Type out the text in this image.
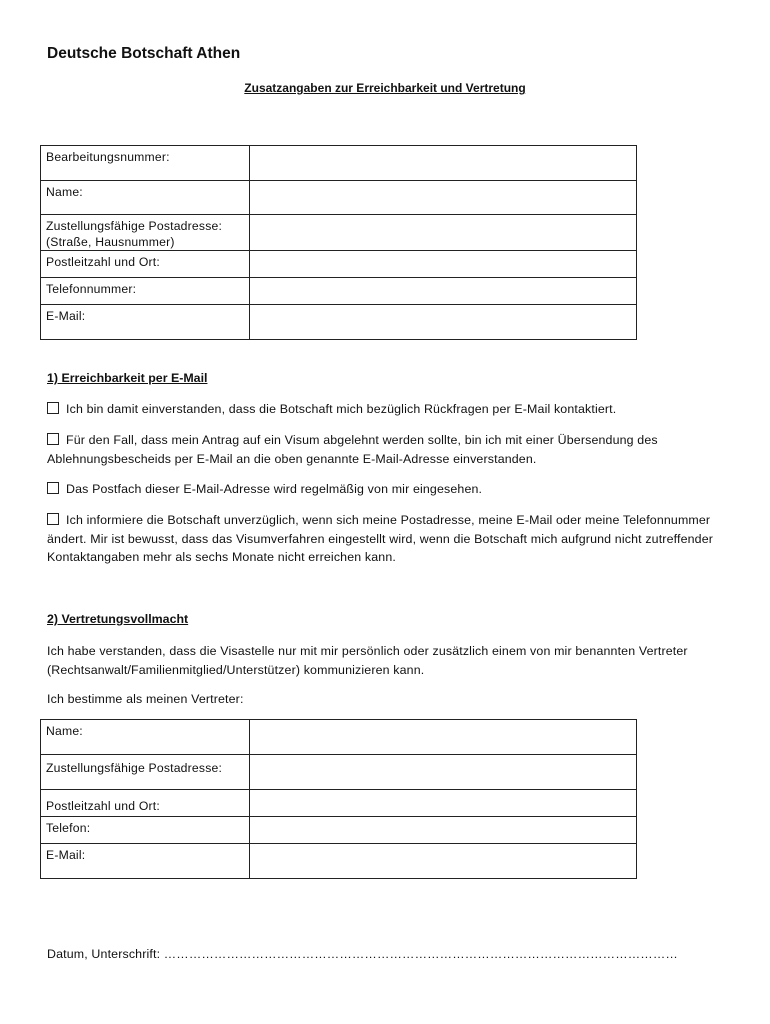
Deutsche Botschaft Athen
Zusatzangaben zur Erreichbarkeit und Vertretung
Bearbeitungsnummer:	
Name:	

Zustellungsfähige Postadresse:
(Straße, Hausnummer)	

Postleitzahl und Ort:	
Telefonnummer:	
E-Mail:	
1) Erreichbarkeit per E-Mail
Ich bin damit einverstanden, dass die Botschaft mich bezüglich Rückfragen per E-Mail kontaktiert.
Für den Fall, dass mein Antrag auf ein Visum abgelehnt werden sollte, bin ich mit einer Übersendung des Ablehnungsbescheids per E-Mail an die oben genannte E-Mail-Adresse einverstanden.
Das Postfach dieser E-Mail-Adresse wird regelmäßig von mir eingesehen.
Ich informiere die Botschaft unverzüglich, wenn sich meine Postadresse, meine E-Mail oder meine Telefonnummer ändert. Mir ist bewusst, dass das Visumverfahren eingestellt wird, wenn die Botschaft mich aufgrund nicht zutreffender Kontaktangaben mehr als sechs Monate nicht erreichen kann.
2) Vertretungsvollmacht
Ich habe verstanden, dass die Visastelle nur mit mir persönlich oder zusätzlich einem von mir benannten Vertreter (Rechtsanwalt/Familienmitglied/Unterstützer) kommunizieren kann.
Ich bestimme als meinen Vertreter:
Name:	
Zustellungsfähige Postadresse:	
Postleitzahl und Ort:	
Telefon:	
E-Mail:	
Datum, Unterschrift: ……………………………………………………………………………………………………………
